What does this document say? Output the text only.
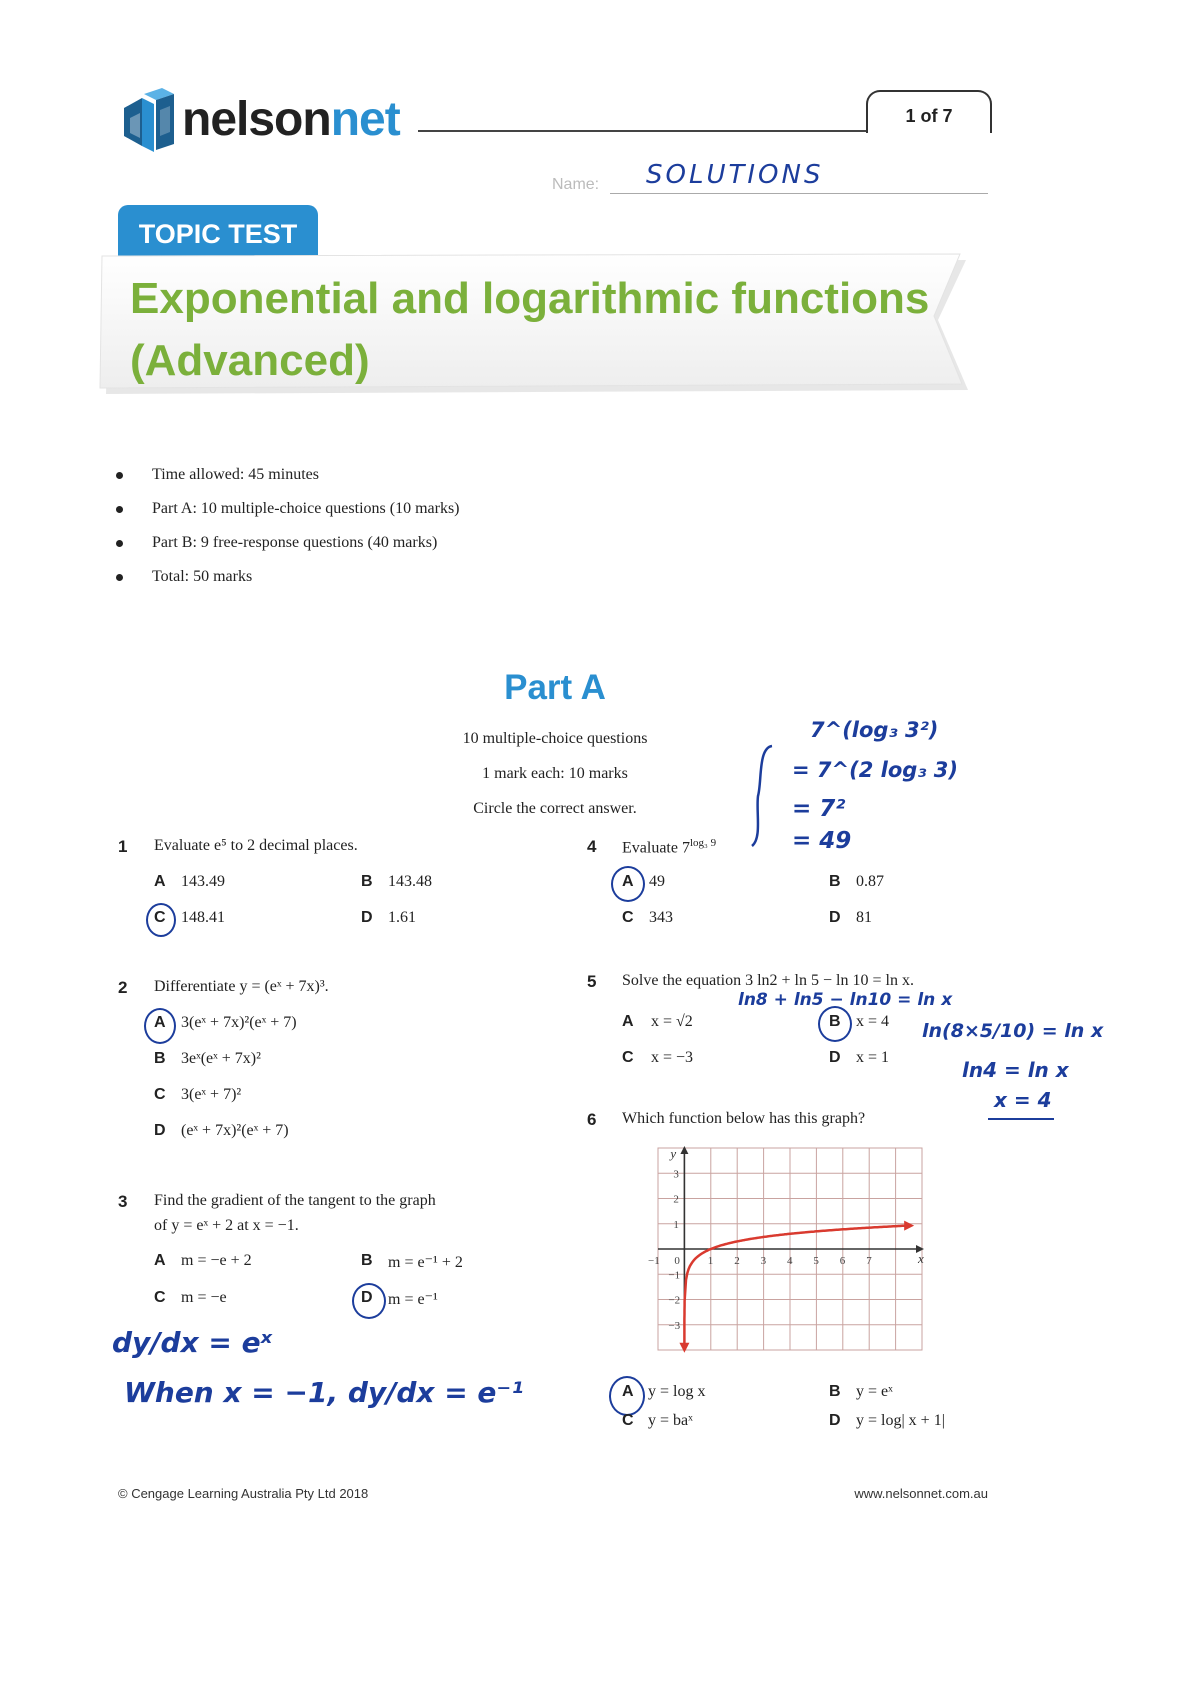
nelsonnet	1 of 7
Name: SOLUTIONS
TOPIC TEST
Exponential and logarithmic functions
(Advanced)
Time allowed: 45 minutes
Part A: 10 multiple-choice questions (10 marks)
Part B: 9 free-response questions (40 marks)
Total: 50 marks
Part A
10 multiple-choice questions
1 mark each: 10 marks
Circle the correct answer.
1 Evaluate e⁵ to 2 decimal places.
A 143.49	B 143.48
C 148.41	D 1.61
2 Differentiate y = (eˣ + 7x)³.
A 3(eˣ + 7x)²(eˣ + 7)
B 3eˣ(eˣ + 7x)²
C 3(eˣ + 7)²
D (eˣ + 7x)²(eˣ + 7)
3 Find the gradient of the tangent to the graph
of y = eˣ + 2 at x = −1.
A m = −e + 2	B m = e⁻¹ + 2
C m = −e	D m = e⁻¹
dy/dx = eˣ
When x = −1, dy/dx = e⁻¹
4 Evaluate $7^{log_3 9}$
A 49	B 0.87
C 343	D 81
7^(log₃ 3²)
= 7^(2 log₃ 3)
= 7²
= 49
5 Solve the equation 3 ln2 + ln 5 − ln 10 = ln x.
A x = √2	B x = 4
C x = −3	D x = 1
ln8 + ln5 − ln10 = ln x
ln(8×5/10) = ln x
ln4 = ln x
x = 4
6 Which function below has this graph?
−1	1 2 3 4 5 6 7
3
2
1
−1
−2
−3
0	x
y
A y = log x	B y = eˣ
C y = baˣ	D y = log| x + 1|
© Cengage Learning Australia Pty Ltd 2018	www.nelsonnet.com.au
